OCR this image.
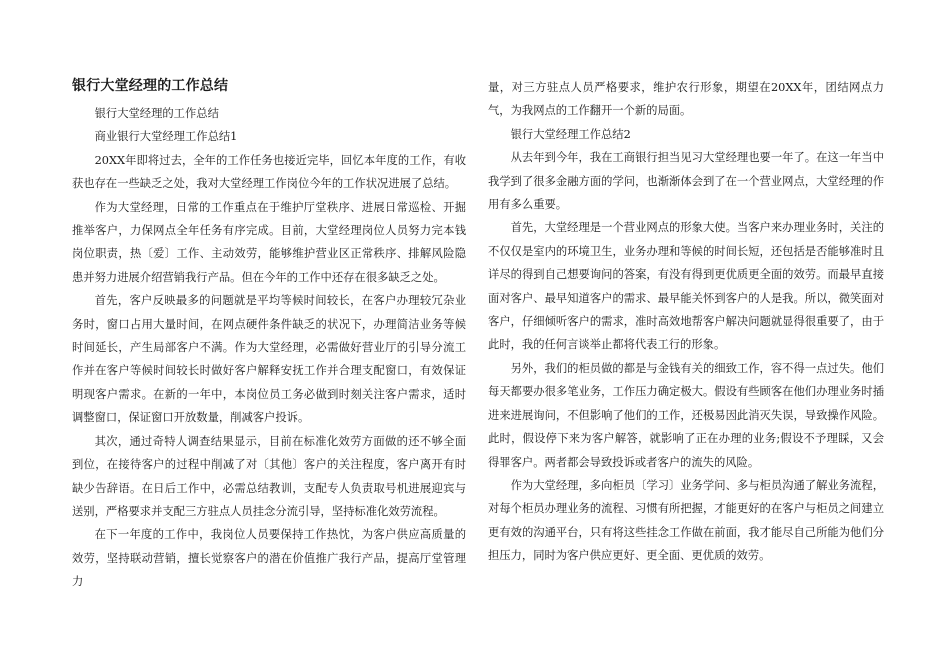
银行大堂经理的工作总结

银行大堂经理的工作总结

商业银行大堂经理工作总结1

20XX年即将过去，全年的工作任务也接近完毕，回忆本年度的工作，有收获也存在一些缺乏之处，我对大堂经理工作岗位今年的工作状况进展了总结。

作为大堂经理，日常的工作重点在于维护厅堂秩序、进展日常巡检、开掘推举客户，力保网点全年任务有序完成。目前，大堂经理岗位人员努力完本钱岗位职责，热〔爱〕工作、主动效劳，能够维护营业区正常秩序、排解风险隐患并努力进展介绍营销我行产品。但在今年的工作中还存在很多缺乏之处。

首先，客户反映最多的问题就是平均等候时间较长，在客户办理较冗杂业务时，窗口占用大量时间，在网点硬件条件缺乏的状况下，办理简洁业务等候时间延长，产生局部客户不满。作为大堂经理，必需做好营业厅的引导分流工作并在客户等候时间较长时做好客户解释安抚工作并合理支配窗口，有效保证明现客户需求。在新的一年中，本岗位员工务必做到时刻关注客户需求，适时调整窗口，保证窗口开放数量，削减客户投诉。

其次，通过奇特人调查结果显示，目前在标准化效劳方面做的还不够全面到位，在接待客户的过程中削减了对〔其他〕客户的关注程度，客户离开有时缺少告辞语。在日后工作中，必需总结教训，支配专人负责取号机进展迎宾与送别，严格要求并支配三方驻点人员挂念分流引导，坚持标准化效劳流程。

在下一年度的工作中，我岗位人员要保持工作热忱，为客户供应高质量的效劳，坚持联动营销，擅长觉察客户的潜在价值推广我行产品，提高厅堂管理力

量，对三方驻点人员严格要求，维护农行形象，期望在20XX年，团结网点力气，为我网点的工作翻开一个新的局面。

银行大堂经理工作总结2

从去年到今年，我在工商银行担当见习大堂经理也要一年了。在这一年当中我学到了很多金融方面的学问，也渐渐体会到了在一个营业网点，大堂经理的作用有多么重要。

首先，大堂经理是一个营业网点的形象大使。当客户来办理业务时，关注的不仅仅是室内的环境卫生，业务办理和等候的时间长短，还包括是否能够准时且详尽的得到自己想要询问的答案，有没有得到更优质更全面的效劳。而最早直接面对客户、最早知道客户的需求、最早能关怀到客户的人是我。所以，微笑面对客户，仔细倾听客户的需求，准时高效地帮客户解决问题就显得很重要了，由于此时，我的任何言谈举止都将代表工行的形象。

另外，我们的柜员做的都是与金钱有关的细致工作，容不得一点过失。他们每天都要办很多笔业务，工作压力确定极大。假设有些顾客在他们办理业务时插进来进展询问，不但影响了他们的工作，还极易因此消灭失误，导致操作风险。此时，假设停下来为客户解答，就影响了正在办理的业务;假设不予理睬，又会得罪客户。两者都会导致投诉或者客户的流失的风险。

作为大堂经理，多向柜员〔学习〕业务学问、多与柜员沟通了解业务流程，对每个柜员办理业务的流程、习惯有所把握，才能更好的在客户与柜员之间建立更有效的沟通平台，只有将这些挂念工作做在前面，我才能尽自己所能为他们分担压力，同时为客户供应更好、更全面、更优质的效劳。
